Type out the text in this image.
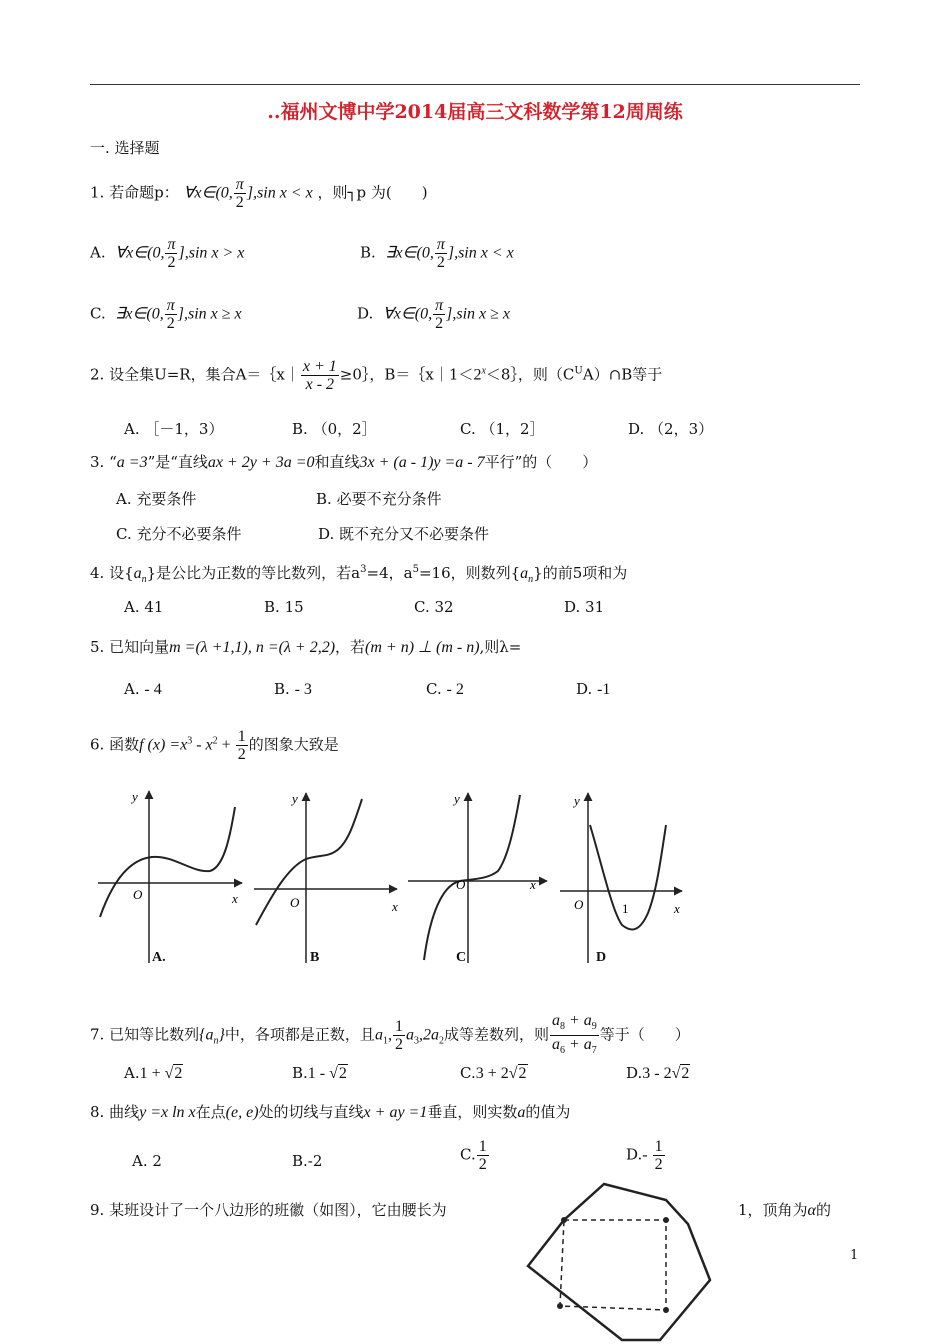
..福州文博中学2014届高三文科数学第12周周练
一. 选择题
1. 若命题p： ∀x∈(0, $\frac{\pi}{2} ],\sin$ x < x ，则┐p 为(　　)
A. ∀x∈(0, $\frac{\pi}{2} ],\sin$ x > x	B. ∃x∈(0, $\frac{\pi}{2} ],\sin$ x < x
C. ∃x∈(0, $\frac{\pi}{2} ],\sin$ x ≥ x	D. ∀x∈(0, $\frac{\pi}{2} ],\sin$ x ≥ x
2. 设全集U=R，集合A＝｛x｜ $\frac{x + 1}{x - 2}$ ≥0｝，$B=\{x|1<2^x<8\}$，则$(C^UA)\cap B$等于
A. ［－1，3）	B. （0，2］	C. （1，2］	D. （2，3）
3. “a =3”是“直线ax + 2y + 3a =0和直线3x + (a - 1)y =a - 7平行”的（　　）
A. 充要条件	B. 必要不充分条件
C. 充分不必要条件	D. 既不充分又不必要条件
4. 设$\{a_n\}$是公比为正数的等比数列，若$a^3=4$，$a^5=16$，则数列$\{a_n\}$的前5项和为
A. 41	B. 15	C. 32	D. 31
5. 已知向量m =(λ +1,1), n =(λ + 2,2)，若(m + n) ⊥ (m - n),则λ=
A. - 4	B. - 3	C. - 2	D. -1
6. 函数f $(x) =x^3 - x^2 + \frac{1}{2}$ 的图象大致是
y
x
O
y
x
O
y
x
O
y
x
O	1
A.	B	C	D
7. 已知等比数列$\{a_n\}$中，各项都是正数，且$a_1$, $\frac{1}{2} a_3,2a_2$成等差数列，则 $\frac{a_8 + a_9}{a_6 + a_7}$ 等于（　　）
A.1 + √2	B.1 - √2	C.3 + 2√2	D.3 - 2√2
8. 曲线y =x ln x在点(e, e)处的切线与直线x + ay =1垂直，则实数a的值为
A. 2	B.-2	C. $\frac{1}{2}$	$D.- \frac{1}{2}$
9. 某班设计了一个八边形的班徽（如图），它由腰长为	1，顶角为α的
1
